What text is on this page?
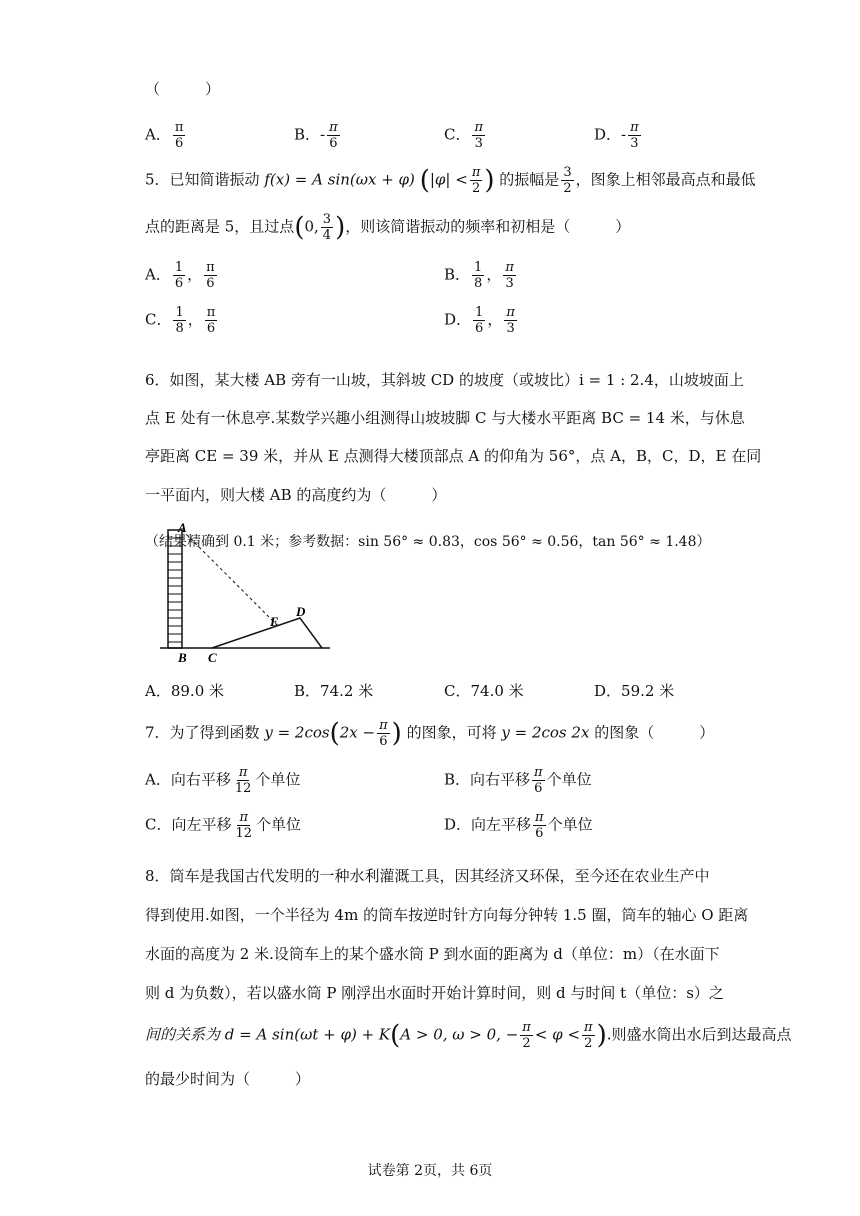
（　　　）
A． $\frac{\pi}{6}$	B．- $\frac{\pi}{6}$	C． $\frac{\pi}{3}$	D．- $\frac{\pi}{3}$
5．已知简谐振动 f(x) = A sin(ωx + φ) ($|\varphi| < \frac{\pi}{2}$ ) 的振幅是 $\frac{3}{2}$ ，图象上相邻最高点和最低
点的距离是 5，且过点(0, $\frac{3}{4}$ )，则该简谐振动的频率和初相是（　　　）
A． $\frac{1}{6}$ ， $\frac{\pi}{6}$	B． $\frac{1}{8}$ ， $\frac{\pi}{3}$
C． $\frac{1}{8}$ ， $\frac{\pi}{6}$	D． $\frac{1}{6}$ ， $\frac{\pi}{3}$
6．如图，某大楼 AB 旁有一山坡，其斜坡 CD 的坡度（或坡比）i = 1 : 2.4，山坡坡面上
点 E 处有一休息亭.某数学兴趣小组测得山坡坡脚 C 与大楼水平距离 BC = 14 米，与休息
亭距离 CE = 39 米，并从 E 点测得大楼顶部点 A 的仰角为 56°，点 A，B，C，D，E 在同
一平面内，则大楼 AB 的高度约为（　　　）
（结果精确到 0.1 米；参考数据：sin 56° ≈ 0.83，cos 56° ≈ 0.56，tan 56° ≈ 1.48）
A
B C
D
E
A．89.0 米	B．74.2 米	C．74.0 米	D．59.2 米
7．为了得到函数 $y = 2\cos(2x - \frac{\pi}{6}$ ) 的图象，可将 y = 2cos 2x 的图象（　　　）
A．向右平移 $\frac{\pi}{12}$ 个单位	B．向右平移 $\frac{\pi}{6}$ 个单位
C．向左平移 $\frac{\pi}{12}$ 个单位	D．向左平移 $\frac{\pi}{6}$ 个单位
8．筒车是我国古代发明的一种水利灌溉工具，因其经济又环保，至今还在农业生产中
得到使用.如图，一个半径为 4m 的筒车按逆时针方向每分钟转 1.5 圈，筒车的轴心 O 距离
水面的高度为 2 米.设筒车上的某个盛水筒 P 到水面的距离为 d（单位：m）（在水面下
则 d 为负数），若以盛水筒 P 刚浮出水面时开始计算时间，则 d 与时间 t（单位：s）之
间的关系为 d = A sin(ωt + φ) + K(A > 0, ω > 0, − $\frac{\pi}{2} < \varphi < \frac{\pi}{2}$ ).则盛水筒出水后到达最高点
的最少时间为（　　　）
试卷第 2页，共 6页
